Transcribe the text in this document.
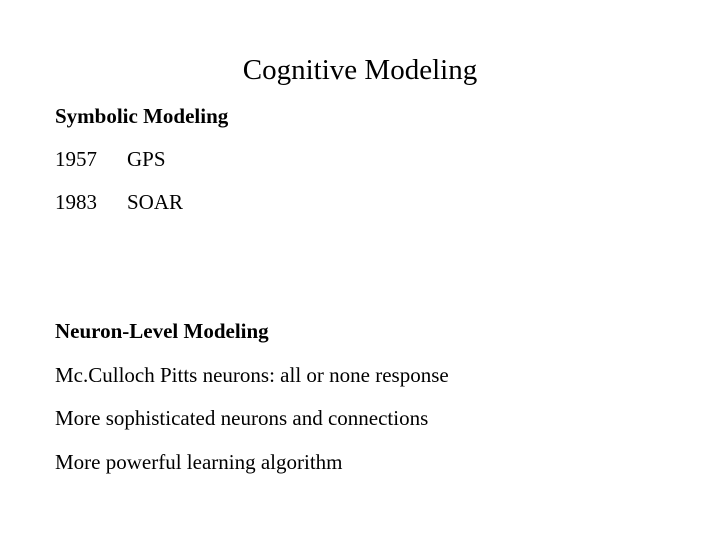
Cognitive Modeling
Symbolic Modeling
1957 GPS
1983 SOAR
Neuron-Level Modeling
Mc.Culloch Pitts neurons: all or none response
More sophisticated neurons and connections
More powerful learning algorithm
